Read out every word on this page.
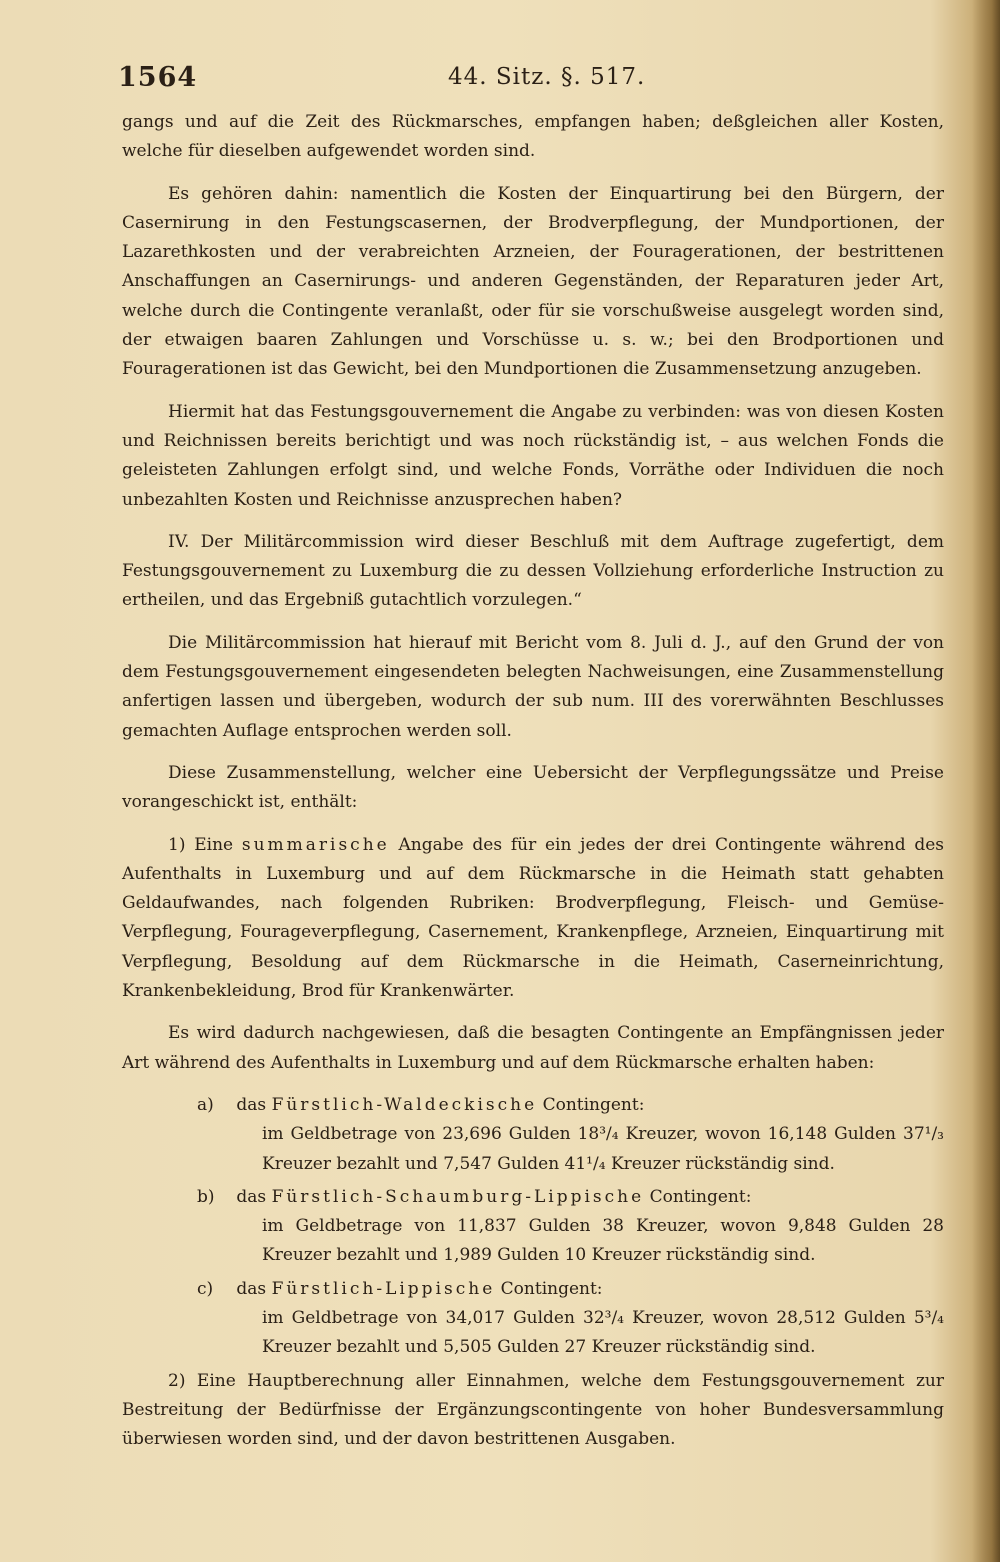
1564	44. Sitz. §. 517.

gangs und auf die Zeit des Rückmarsches, empfangen haben; deßgleichen aller Kosten, welche für dieselben aufgewendet worden sind.

Es gehören dahin: namentlich die Kosten der Einquartirung bei den Bürgern, der Casernirung in den Festungscasernen, der Brodverpflegung, der Mundportionen, der Lazarethkosten und der verabreichten Arzneien, der Fouragerationen, der bestrittenen Anschaffungen an Casernirungs- und anderen Gegenständen, der Reparaturen jeder Art, welche durch die Contingente veranlaßt, oder für sie vorschußweise ausgelegt worden sind, der etwaigen baaren Zahlungen und Vorschüsse u. s. w.; bei den Brodportionen und Fouragerationen ist das Gewicht, bei den Mundportionen die Zusammensetzung anzugeben.

Hiermit hat das Festungsgouvernement die Angabe zu verbinden: was von diesen Kosten und Reichnissen bereits berichtigt und was noch rückständig ist, – aus welchen Fonds die geleisteten Zahlungen erfolgt sind, und welche Fonds, Vorräthe oder Individuen die noch unbezahlten Kosten und Reichnisse anzusprechen haben?

IV. Der Militärcommission wird dieser Beschluß mit dem Auftrage zugefertigt, dem Festungsgouvernement zu Luxemburg die zu dessen Vollziehung erforderliche Instruction zu ertheilen, und das Ergebniß gutachtlich vorzulegen.“

Die Militärcommission hat hierauf mit Bericht vom 8. Juli d. J., auf den Grund der von dem Festungsgouvernement eingesendeten belegten Nachweisungen, eine Zusammenstellung anfertigen lassen und übergeben, wodurch der sub num. III des vorerwähnten Beschlusses gemachten Auflage entsprochen werden soll.

Diese Zusammenstellung, welcher eine Uebersicht der Verpflegungssätze und Preise vorangeschickt ist, enthält:

1) Eine summarische Angabe des für ein jedes der drei Contingente während des Aufenthalts in Luxemburg und auf dem Rückmarsche in die Heimath statt gehabten Geldaufwandes, nach folgenden Rubriken: Brodverpflegung, Fleisch- und Gemüse-Verpflegung, Fourageverpflegung, Casernement, Krankenpflege, Arzneien, Einquartirung mit Verpflegung, Besoldung auf dem Rückmarsche in die Heimath, Caserneinrichtung, Krankenbekleidung, Brod für Krankenwärter.

Es wird dadurch nachgewiesen, daß die besagten Contingente an Empfängnissen jeder Art während des Aufenthalts in Luxemburg und auf dem Rückmarsche erhalten haben:

a) das Fürstlich-Waldeckische Contingent:
im Geldbetrage von 23,696 Gulden 18³/₄ Kreuzer, wovon 16,148 Gulden 37¹/₃ Kreuzer bezahlt und 7,547 Gulden 41¹/₄ Kreuzer rückständig sind.
b) das Fürstlich-Schaumburg-Lippische Contingent:
im Geldbetrage von 11,837 Gulden 38 Kreuzer, wovon 9,848 Gulden 28 Kreuzer bezahlt und 1,989 Gulden 10 Kreuzer rückständig sind.
c) das Fürstlich-Lippische Contingent:
im Geldbetrage von 34,017 Gulden 32³/₄ Kreuzer, wovon 28,512 Gulden 5³/₄ Kreuzer bezahlt und 5,505 Gulden 27 Kreuzer rückständig sind.

2) Eine Hauptberechnung aller Einnahmen, welche dem Festungsgouvernement zur Bestreitung der Bedürfnisse der Ergänzungscontingente von hoher Bundesversammlung überwiesen worden sind, und der davon bestrittenen Ausgaben.
